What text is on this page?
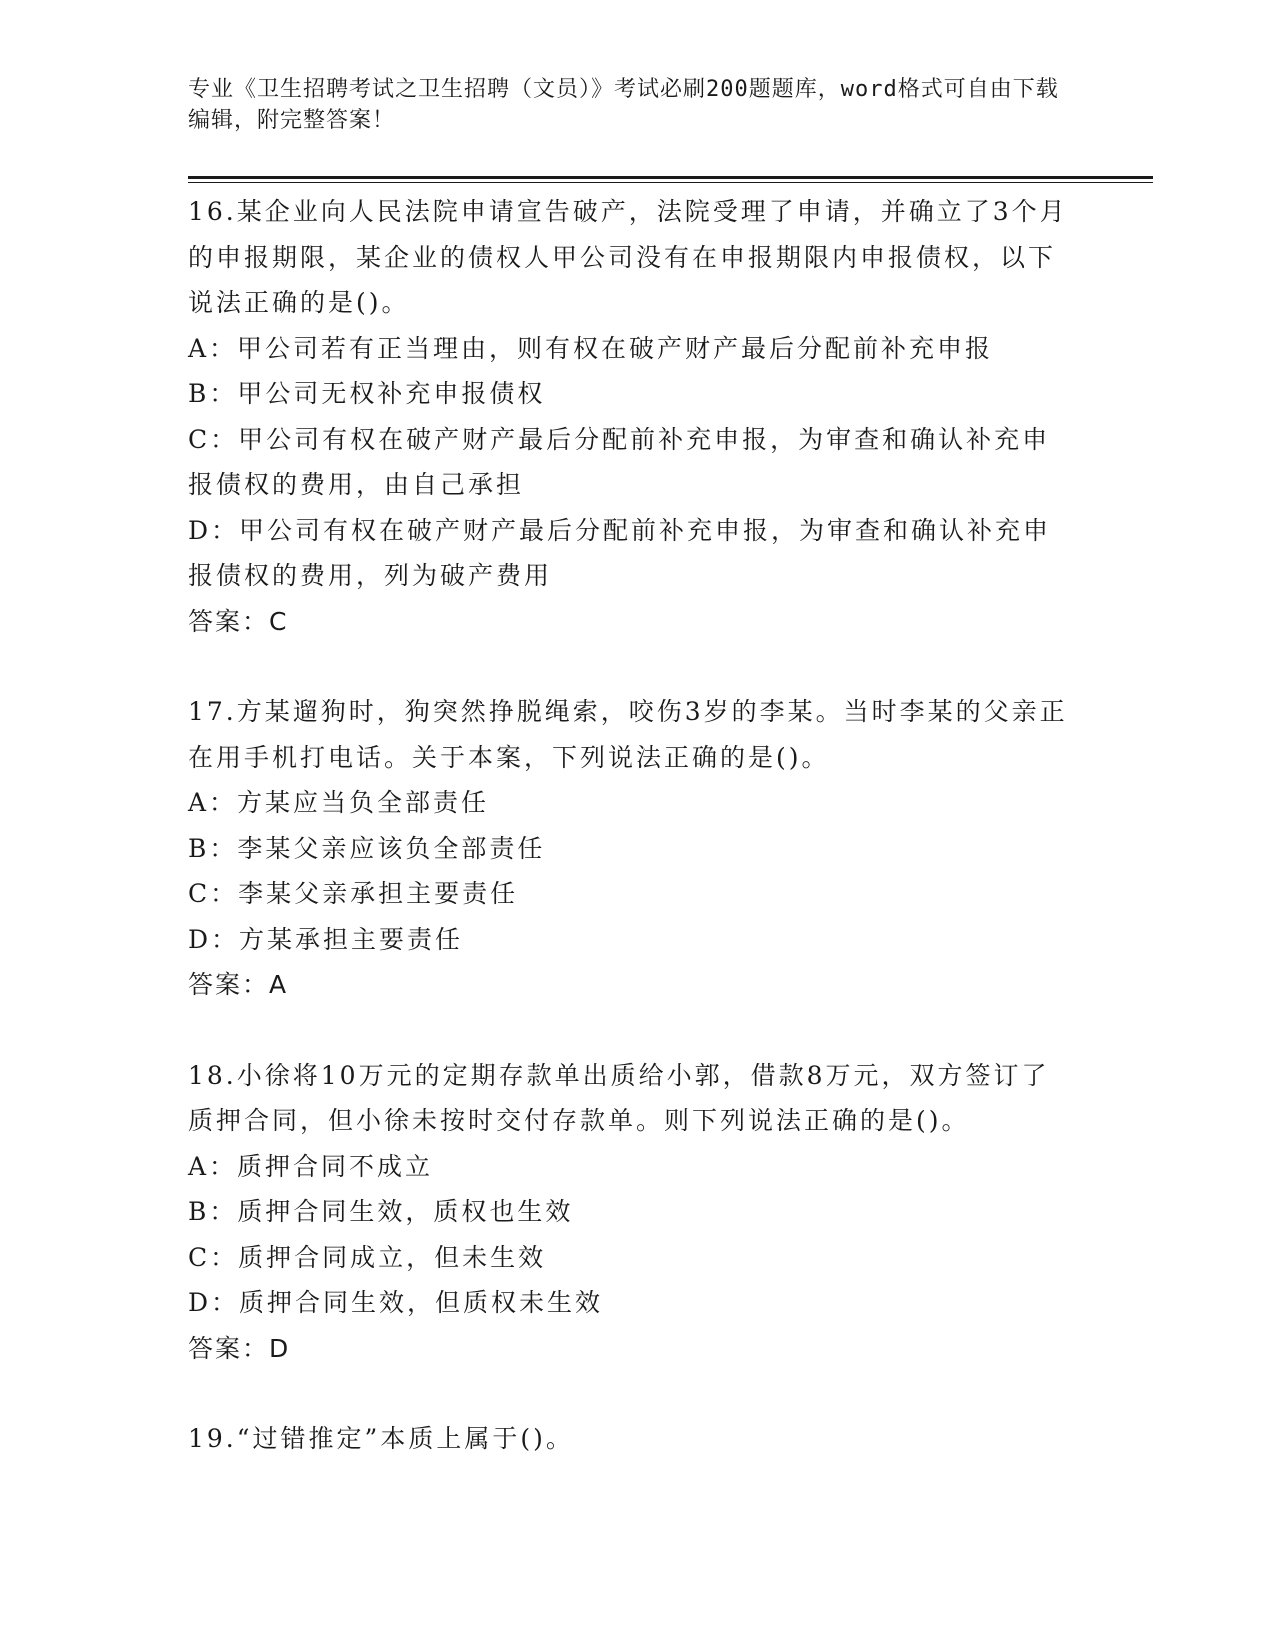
专业《卫生招聘考试之卫生招聘（文员）》考试必刷200题题库，word格式可自由下载编辑，附完整答案！
16.某企业向人民法院申请宣告破产，法院受理了申请，并确立了3个月的申报期限，某企业的债权人甲公司没有在申报期限内申报债权，以下说法正确的是()。
A：甲公司若有正当理由，则有权在破产财产最后分配前补充申报
B：甲公司无权补充申报债权
C：甲公司有权在破产财产最后分配前补充申报，为审查和确认补充申报债权的费用，由自己承担
D：甲公司有权在破产财产最后分配前补充申报，为审查和确认补充申报债权的费用，列为破产费用
答案：C
17.方某遛狗时，狗突然挣脱绳索，咬伤3岁的李某。当时李某的父亲正在用手机打电话。关于本案，下列说法正确的是()。
A：方某应当负全部责任
B：李某父亲应该负全部责任
C：李某父亲承担主要责任
D：方某承担主要责任
答案：A
18.小徐将10万元的定期存款单出质给小郭，借款8万元，双方签订了质押合同，但小徐未按时交付存款单。则下列说法正确的是()。
A：质押合同不成立
B：质押合同生效，质权也生效
C：质押合同成立，但未生效
D：质押合同生效，但质权未生效
答案：D
19.“过错推定”本质上属于()。
